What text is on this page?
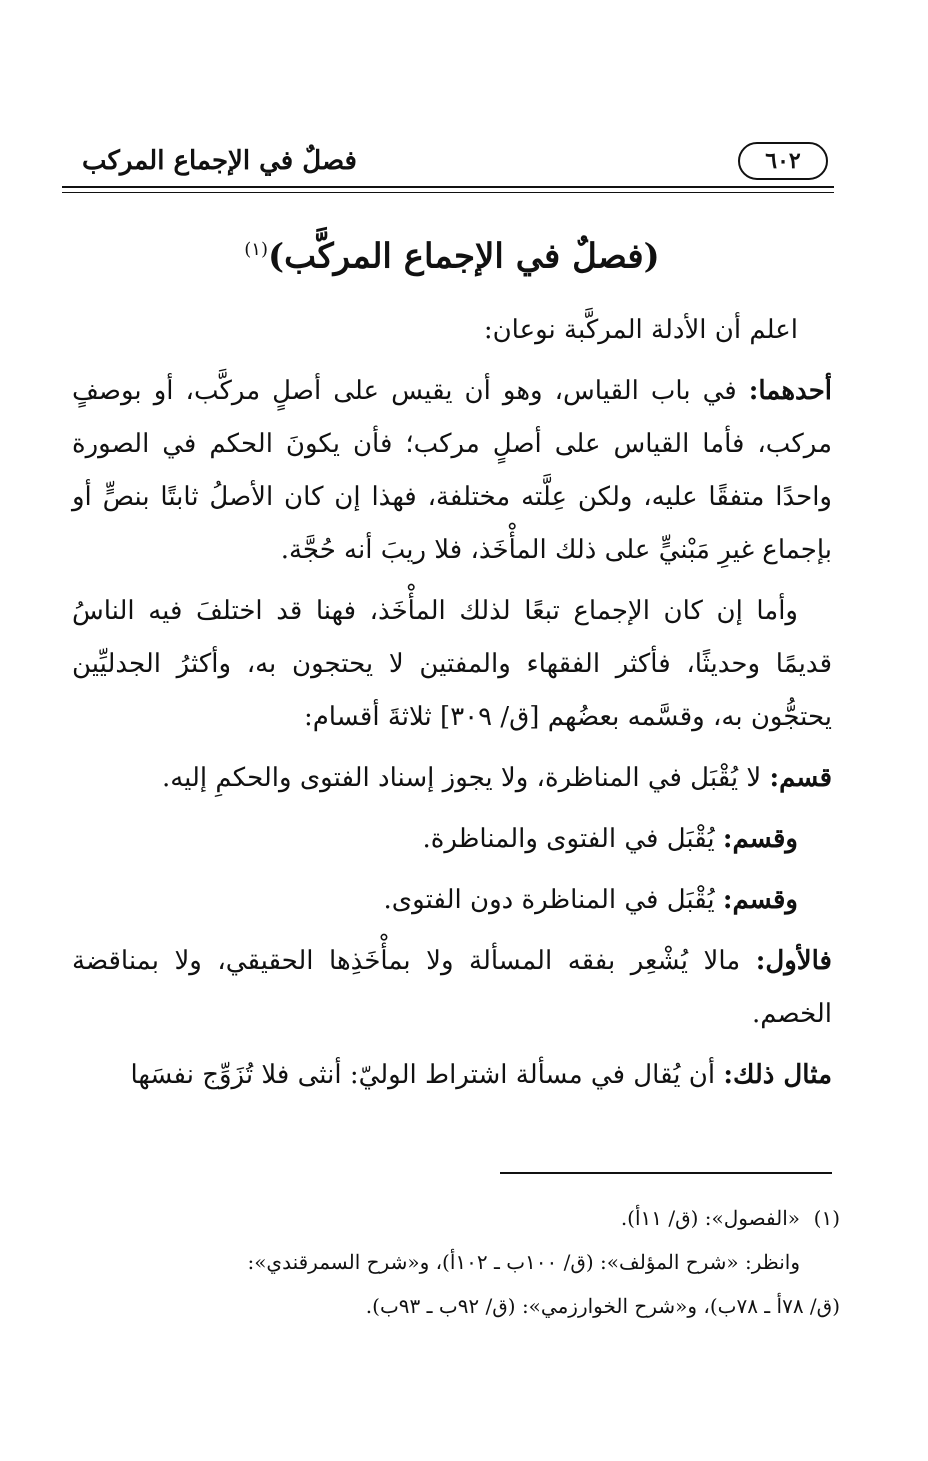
٦٠٢
فصلٌ في الإجماع المركب
(فصلٌ في الإجماع المركَّب)$^{(١)}$

اعلم أن الأدلة المركَّبة نوعان:

أحدهما: في باب القياس، وهو أن يقيس على أصلٍ مركَّب، أو بوصفٍ مركب، فأما القياس على أصلٍ مركب؛ فأن يكونَ الحكم في الصورة واحدًا متفقًا عليه، ولكن عِلَّته مختلفة، فهذا إن كان الأصلُ ثابتًا بنصٍّ أو بإجماع غيرِ مَبْنيٍّ على ذلك المأْخَذ، فلا ريبَ أنه حُجَّة.

وأما إن كان الإجماع تبعًا لذلك المأْخَذ، فهنا قد اختلفَ فيه الناسُ قديمًا وحديثًا، فأكثر الفقهاء والمفتين لا يحتجون به، وأكثرُ الجدليِّين يحتجُّون به، وقسَّمه بعضُهم [ق/ ٣٠٩] ثلاثةَ أقسام:

قسم: لا يُقْبَل في المناظرة، ولا يجوز إسناد الفتوى والحكمِ إليه.

وقسم: يُقْبَل في الفتوى والمناظرة.

وقسم: يُقْبَل في المناظرة دون الفتوى.

فالأول: مالا يُشْعِر بفقه المسألة ولا بمأْخَذِها الحقيقي، ولا بمناقضة الخصم.

مثال ذلك: أن يُقال في مسألة اشتراط الوليّ: أنثى فلا تُزَوِّج نفسَها

(١)«الفصول»: (ق/ ١١أ).

وانظر: «شرح المؤلف»: (ق/ ١٠٠ب ـ ١٠٢أ)، و«شرح السمرقندي»:

(ق/ ٧٨أ ـ ٧٨ب)، و«شرح الخوارزمي»: (ق/ ٩٢ب ـ ٩٣ب).
